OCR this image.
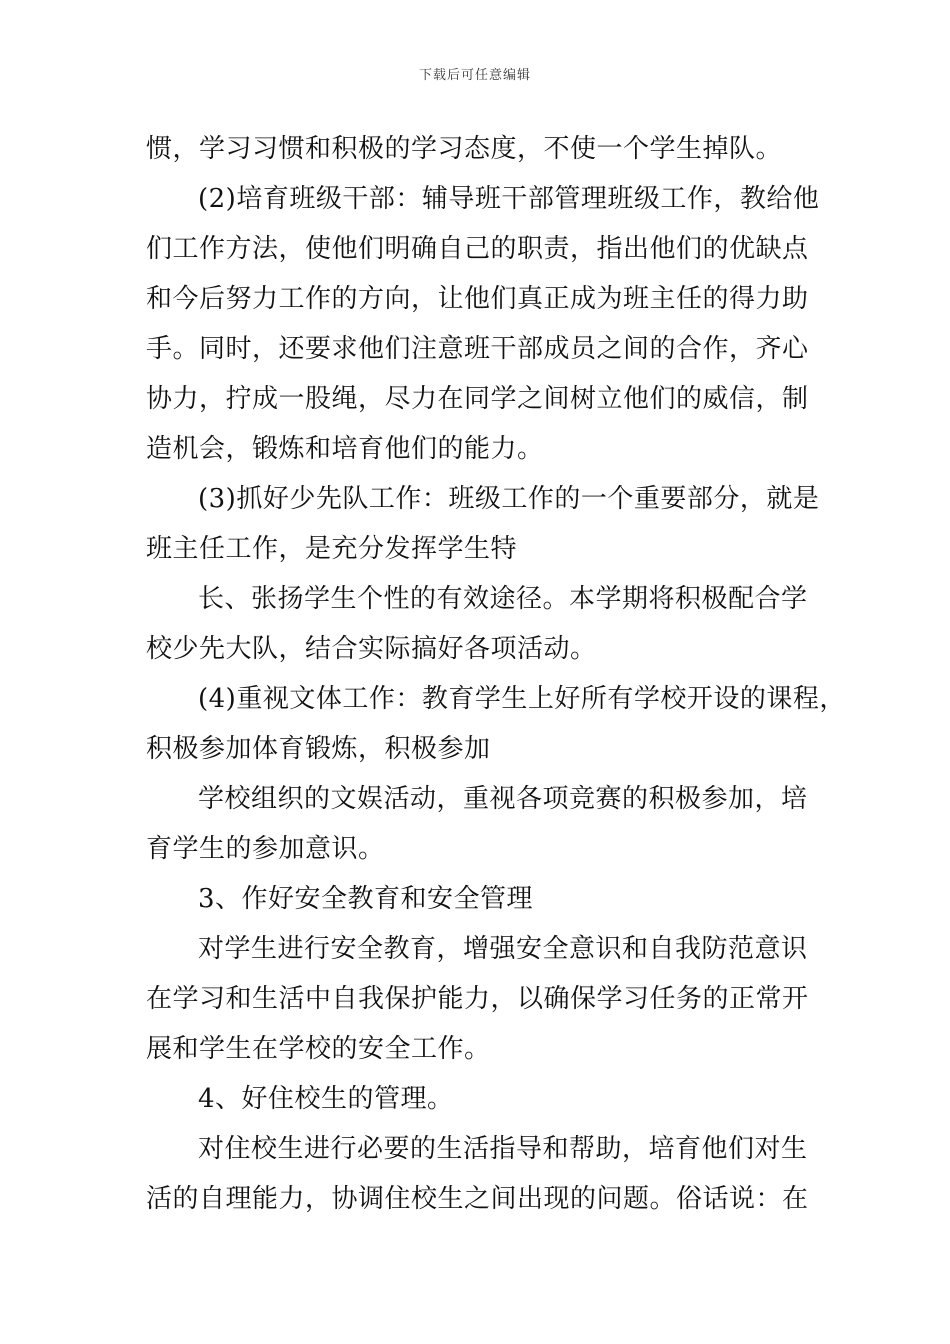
下载后可任意编辑
惯，学习习惯和积极的学习态度，不使一个学生掉队。
(2)培育班级干部：辅导班干部管理班级工作，教给他
们工作方法，使他们明确自己的职责，指出他们的优缺点
和今后努力工作的方向，让他们真正成为班主任的得力助
手。同时，还要求他们注意班干部成员之间的合作，齐心
协力，拧成一股绳，尽力在同学之间树立他们的威信，制
造机会，锻炼和培育他们的能力。
(3)抓好少先队工作：班级工作的一个重要部分，就是
班主任工作，是充分发挥学生特
长、张扬学生个性的有效途径。本学期将积极配合学
校少先大队，结合实际搞好各项活动。
(4)重视文体工作：教育学生上好所有学校开设的课程，
积极参加体育锻炼，积极参加
学校组织的文娱活动，重视各项竞赛的积极参加，培
育学生的参加意识。
3、作好安全教育和安全管理
对学生进行安全教育，增强安全意识和自我防范意识
在学习和生活中自我保护能力，以确保学习任务的正常开
展和学生在学校的安全工作。
4、好住校生的管理。
对住校生进行必要的生活指导和帮助，培育他们对生
活的自理能力，协调住校生之间出现的问题。俗话说：在
